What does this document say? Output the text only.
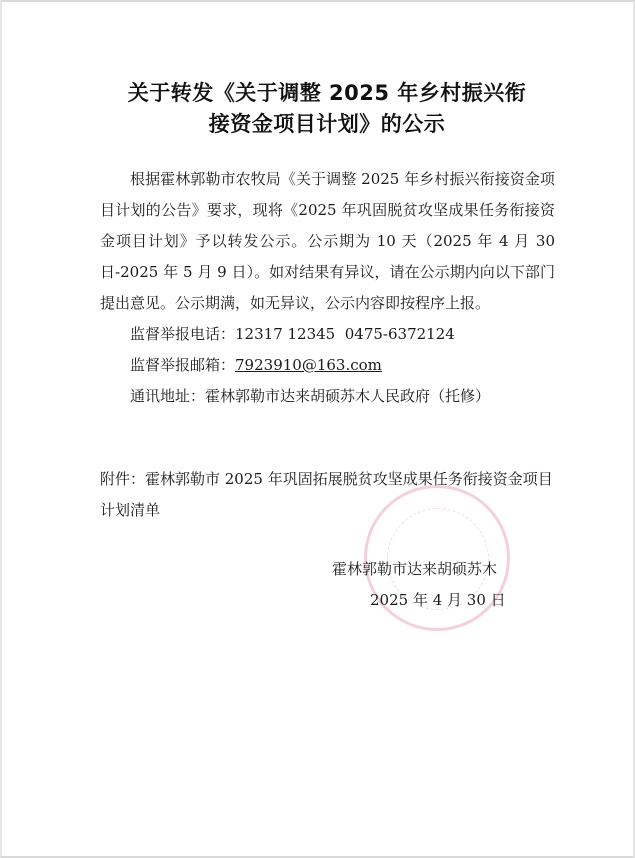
关于转发《关于调整 2025 年乡村振兴衔
接资金项目计划》的公示

根据霍林郭勒市农牧局《关于调整 2025 年乡村振兴衔接资金项目计划的公告》要求，现将《2025 年巩固脱贫攻坚成果任务衔接资金项目计划》予以转发公示。公示期为 10 天（2025 年 4 月 30 日-2025 年 5 月 9 日）。如对结果有异议，请在公示期内向以下部门提出意见。公示期满，如无异议，公示内容即按程序上报。

监督举报电话：12317 12345  0475-6372124

监督举报邮箱：7923910@163.com

通讯地址：霍林郭勒市达来胡硕苏木人民政府（托修）

附件：霍林郭勒市 2025 年巩固拓展脱贫攻坚成果任务衔接资金项目计划清单

霍林郭勒市达来胡硕苏木
2025 年 4 月 30 日
